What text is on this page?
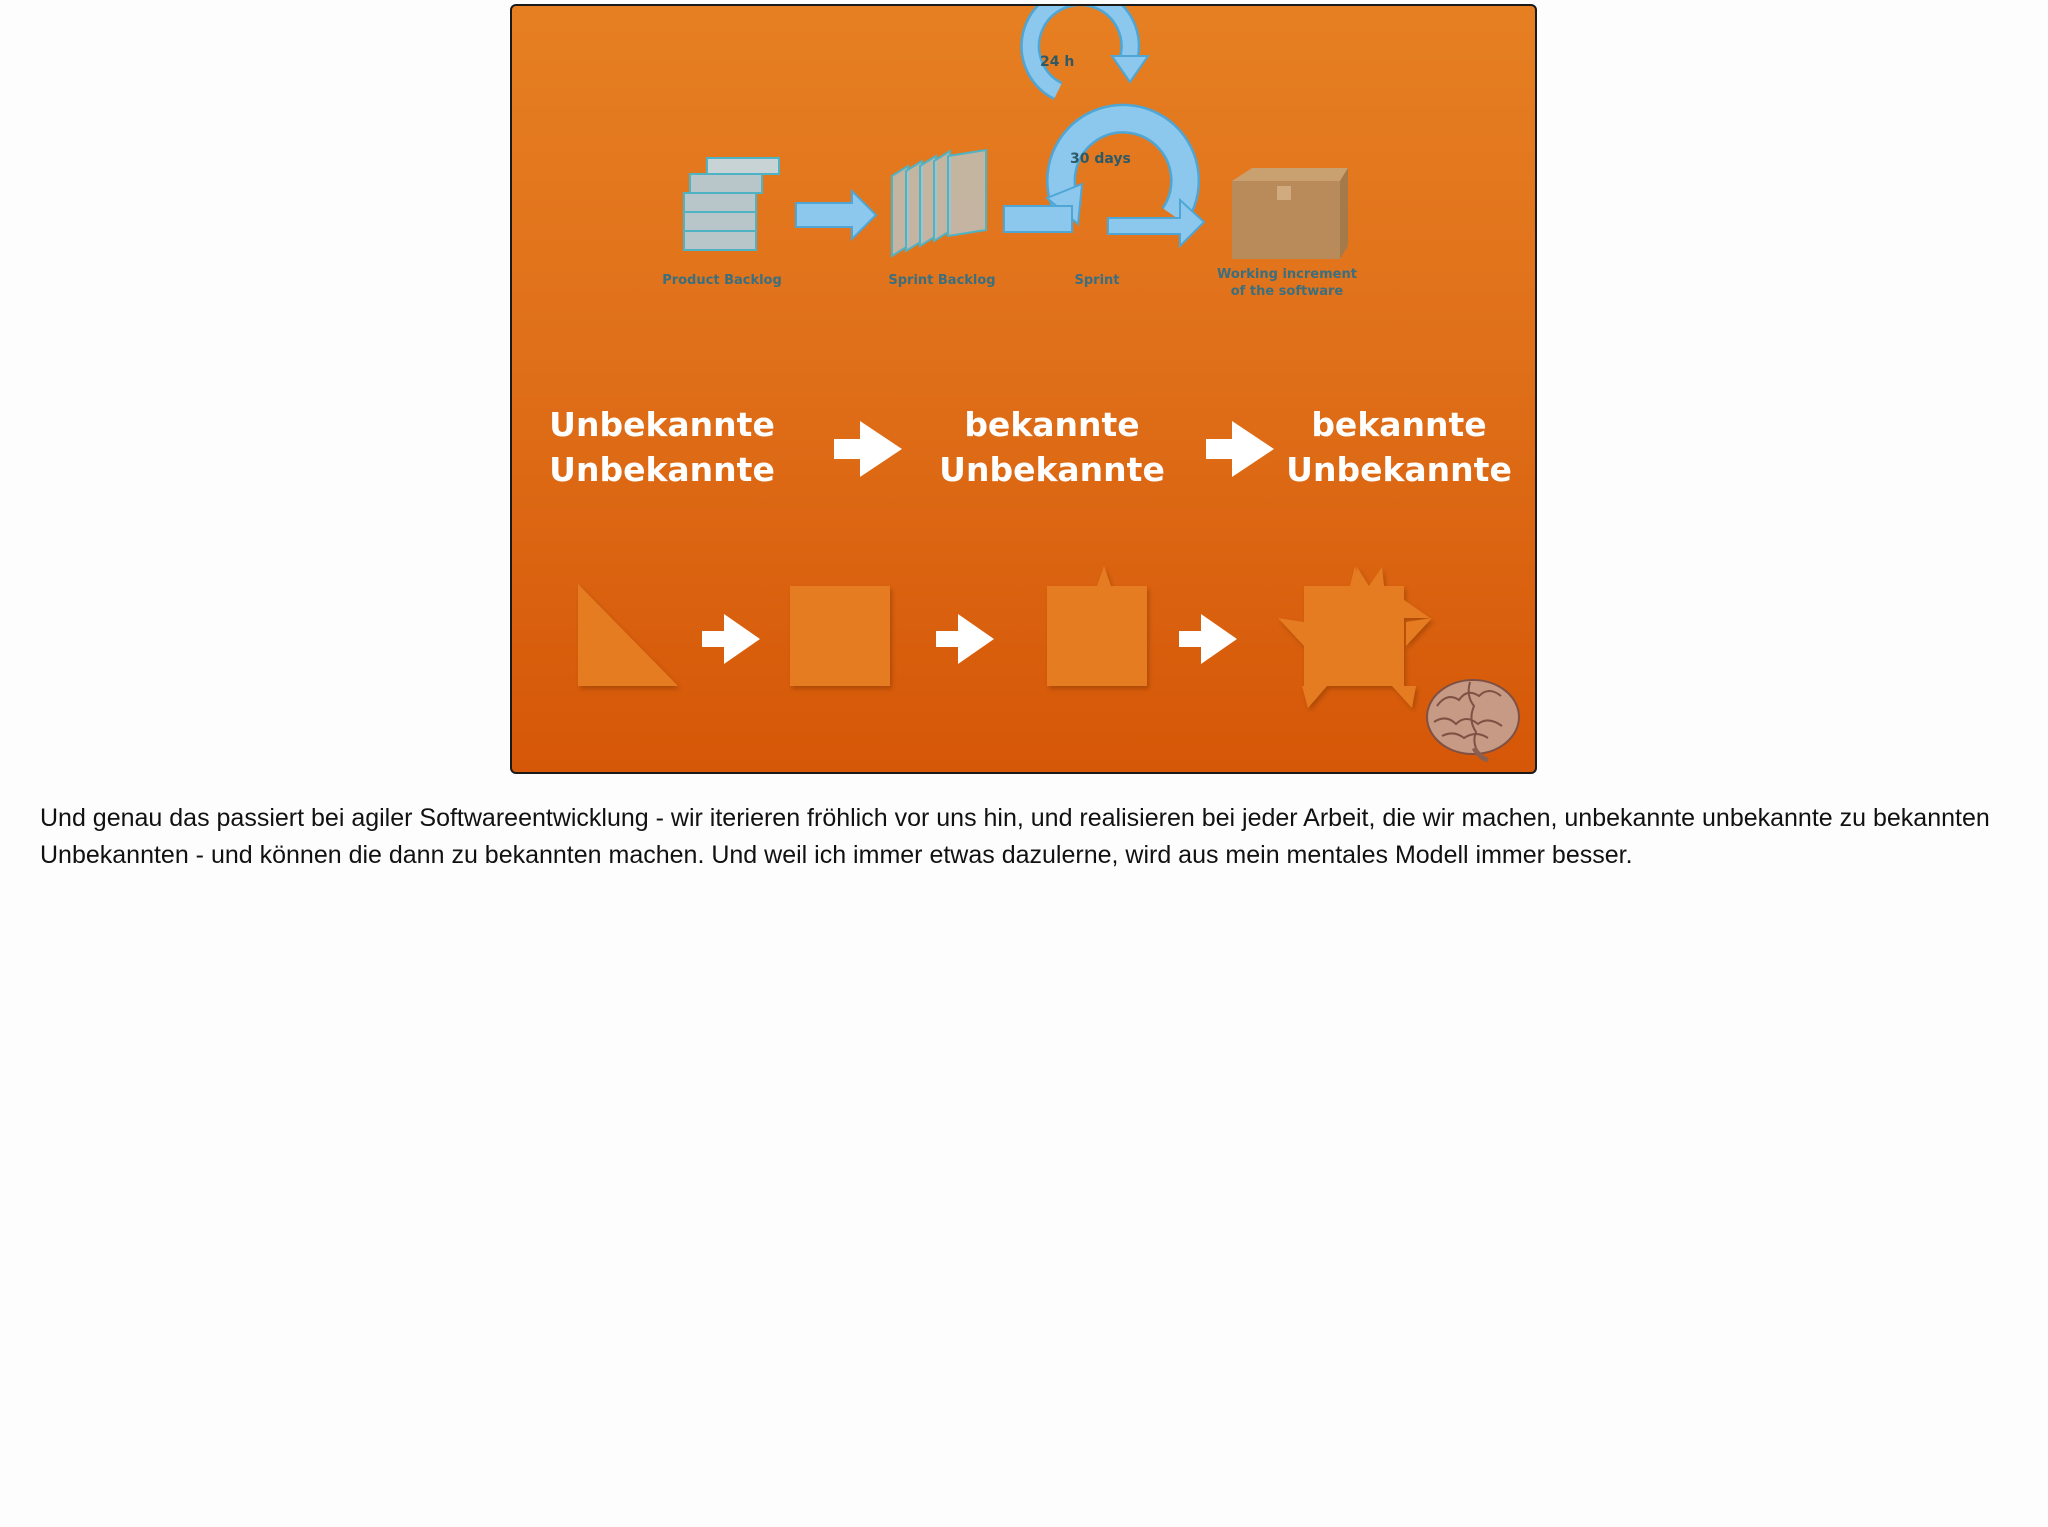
Product Backlog	Sprint Backlog	Sprint	Working increment
of the software
24 h
30 days
Unbekannte
Unbekannte
bekannte
Unbekannte
bekannte
Unbekannte

Und genau das passiert bei agiler Softwareentwicklung - wir iterieren fröhlich vor uns hin, und realisieren bei jeder Arbeit, die wir machen, unbekannte unbekannte zu bekannten Unbekannten - und können die dann zu bekannten machen. Und weil ich immer etwas dazulerne, wird aus mein mentales Modell immer besser.
